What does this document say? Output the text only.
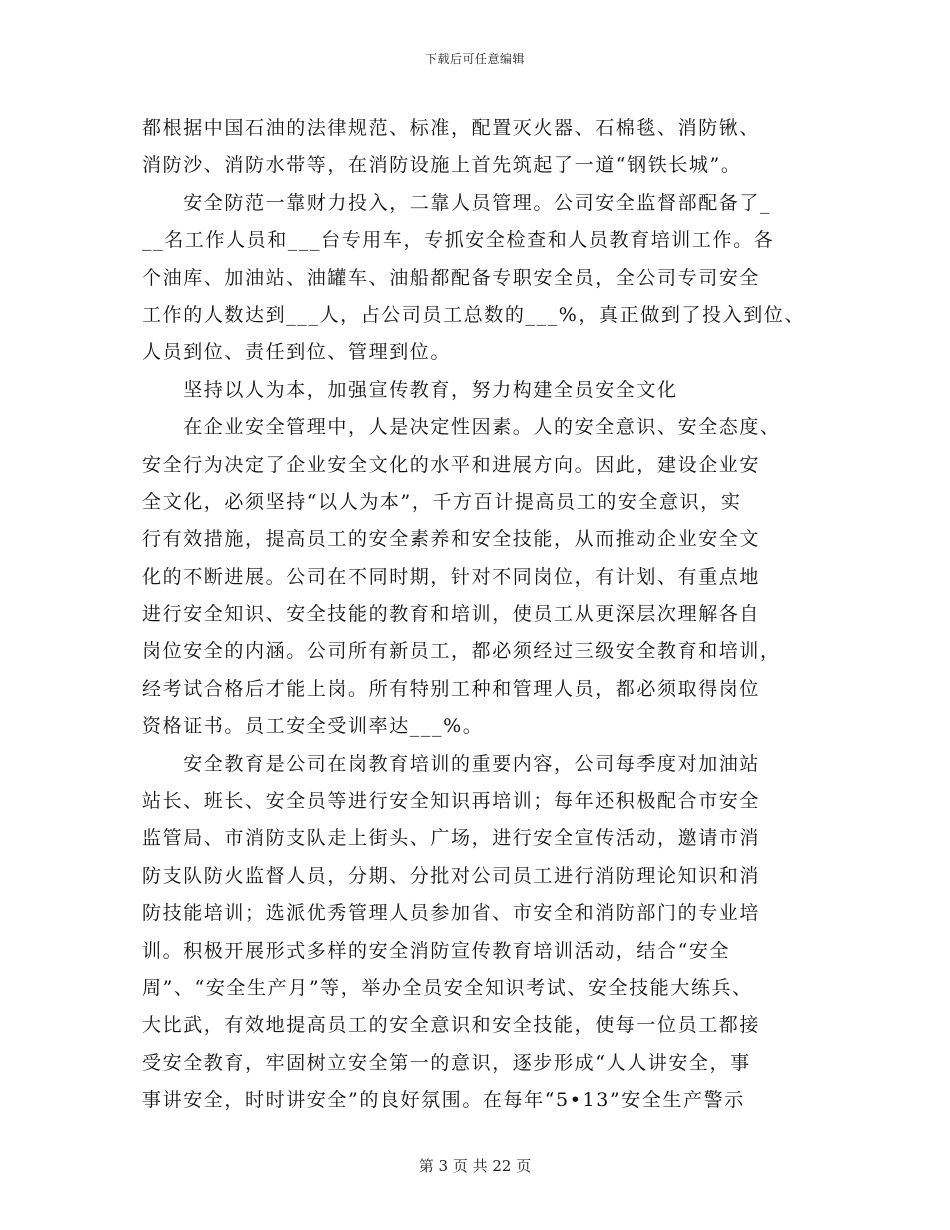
下载后可任意编辑
都根据中国石油的法律规范、标准，配置灭火器、石棉毯、消防锹、
消防沙、消防水带等，在消防设施上首先筑起了一道“钢铁长城”。
　　安全防范一靠财力投入，二靠人员管理。公司安全监督部配备了_
__名工作人员和___台专用车，专抓安全检查和人员教育培训工作。各
个油库、加油站、油罐车、油船都配备专职安全员，全公司专司安全
工作的人数达到___人，占公司员工总数的___%，真正做到了投入到位、
人员到位、责任到位、管理到位。
　　坚持以人为本，加强宣传教育，努力构建全员安全文化
　　在企业安全管理中，人是决定性因素。人的安全意识、安全态度、
安全行为决定了企业安全文化的水平和进展方向。因此，建设企业安
全文化，必须坚持“以人为本”，千方百计提高员工的安全意识，实
行有效措施，提高员工的安全素养和安全技能，从而推动企业安全文
化的不断进展。公司在不同时期，针对不同岗位，有计划、有重点地
进行安全知识、安全技能的教育和培训，使员工从更深层次理解各自
岗位安全的内涵。公司所有新员工，都必须经过三级安全教育和培训，
经考试合格后才能上岗。所有特别工种和管理人员，都必须取得岗位
资格证书。员工安全受训率达___%。
　　安全教育是公司在岗教育培训的重要内容，公司每季度对加油站
站长、班长、安全员等进行安全知识再培训；每年还积极配合市安全
监管局、市消防支队走上街头、广场，进行安全宣传活动，邀请市消
防支队防火监督人员，分期、分批对公司员工进行消防理论知识和消
防技能培训；选派优秀管理人员参加省、市安全和消防部门的专业培
训。积极开展形式多样的安全消防宣传教育培训活动，结合“安全
周”、“安全生产月”等，举办全员安全知识考试、安全技能大练兵、
大比武，有效地提高员工的安全意识和安全技能，使每一位员工都接
受安全教育，牢固树立安全第一的意识，逐步形成“人人讲安全，事
事讲安全，时时讲安全”的良好氛围。在每年“5•13”安全生产警示
第 3 页 共 22 页
